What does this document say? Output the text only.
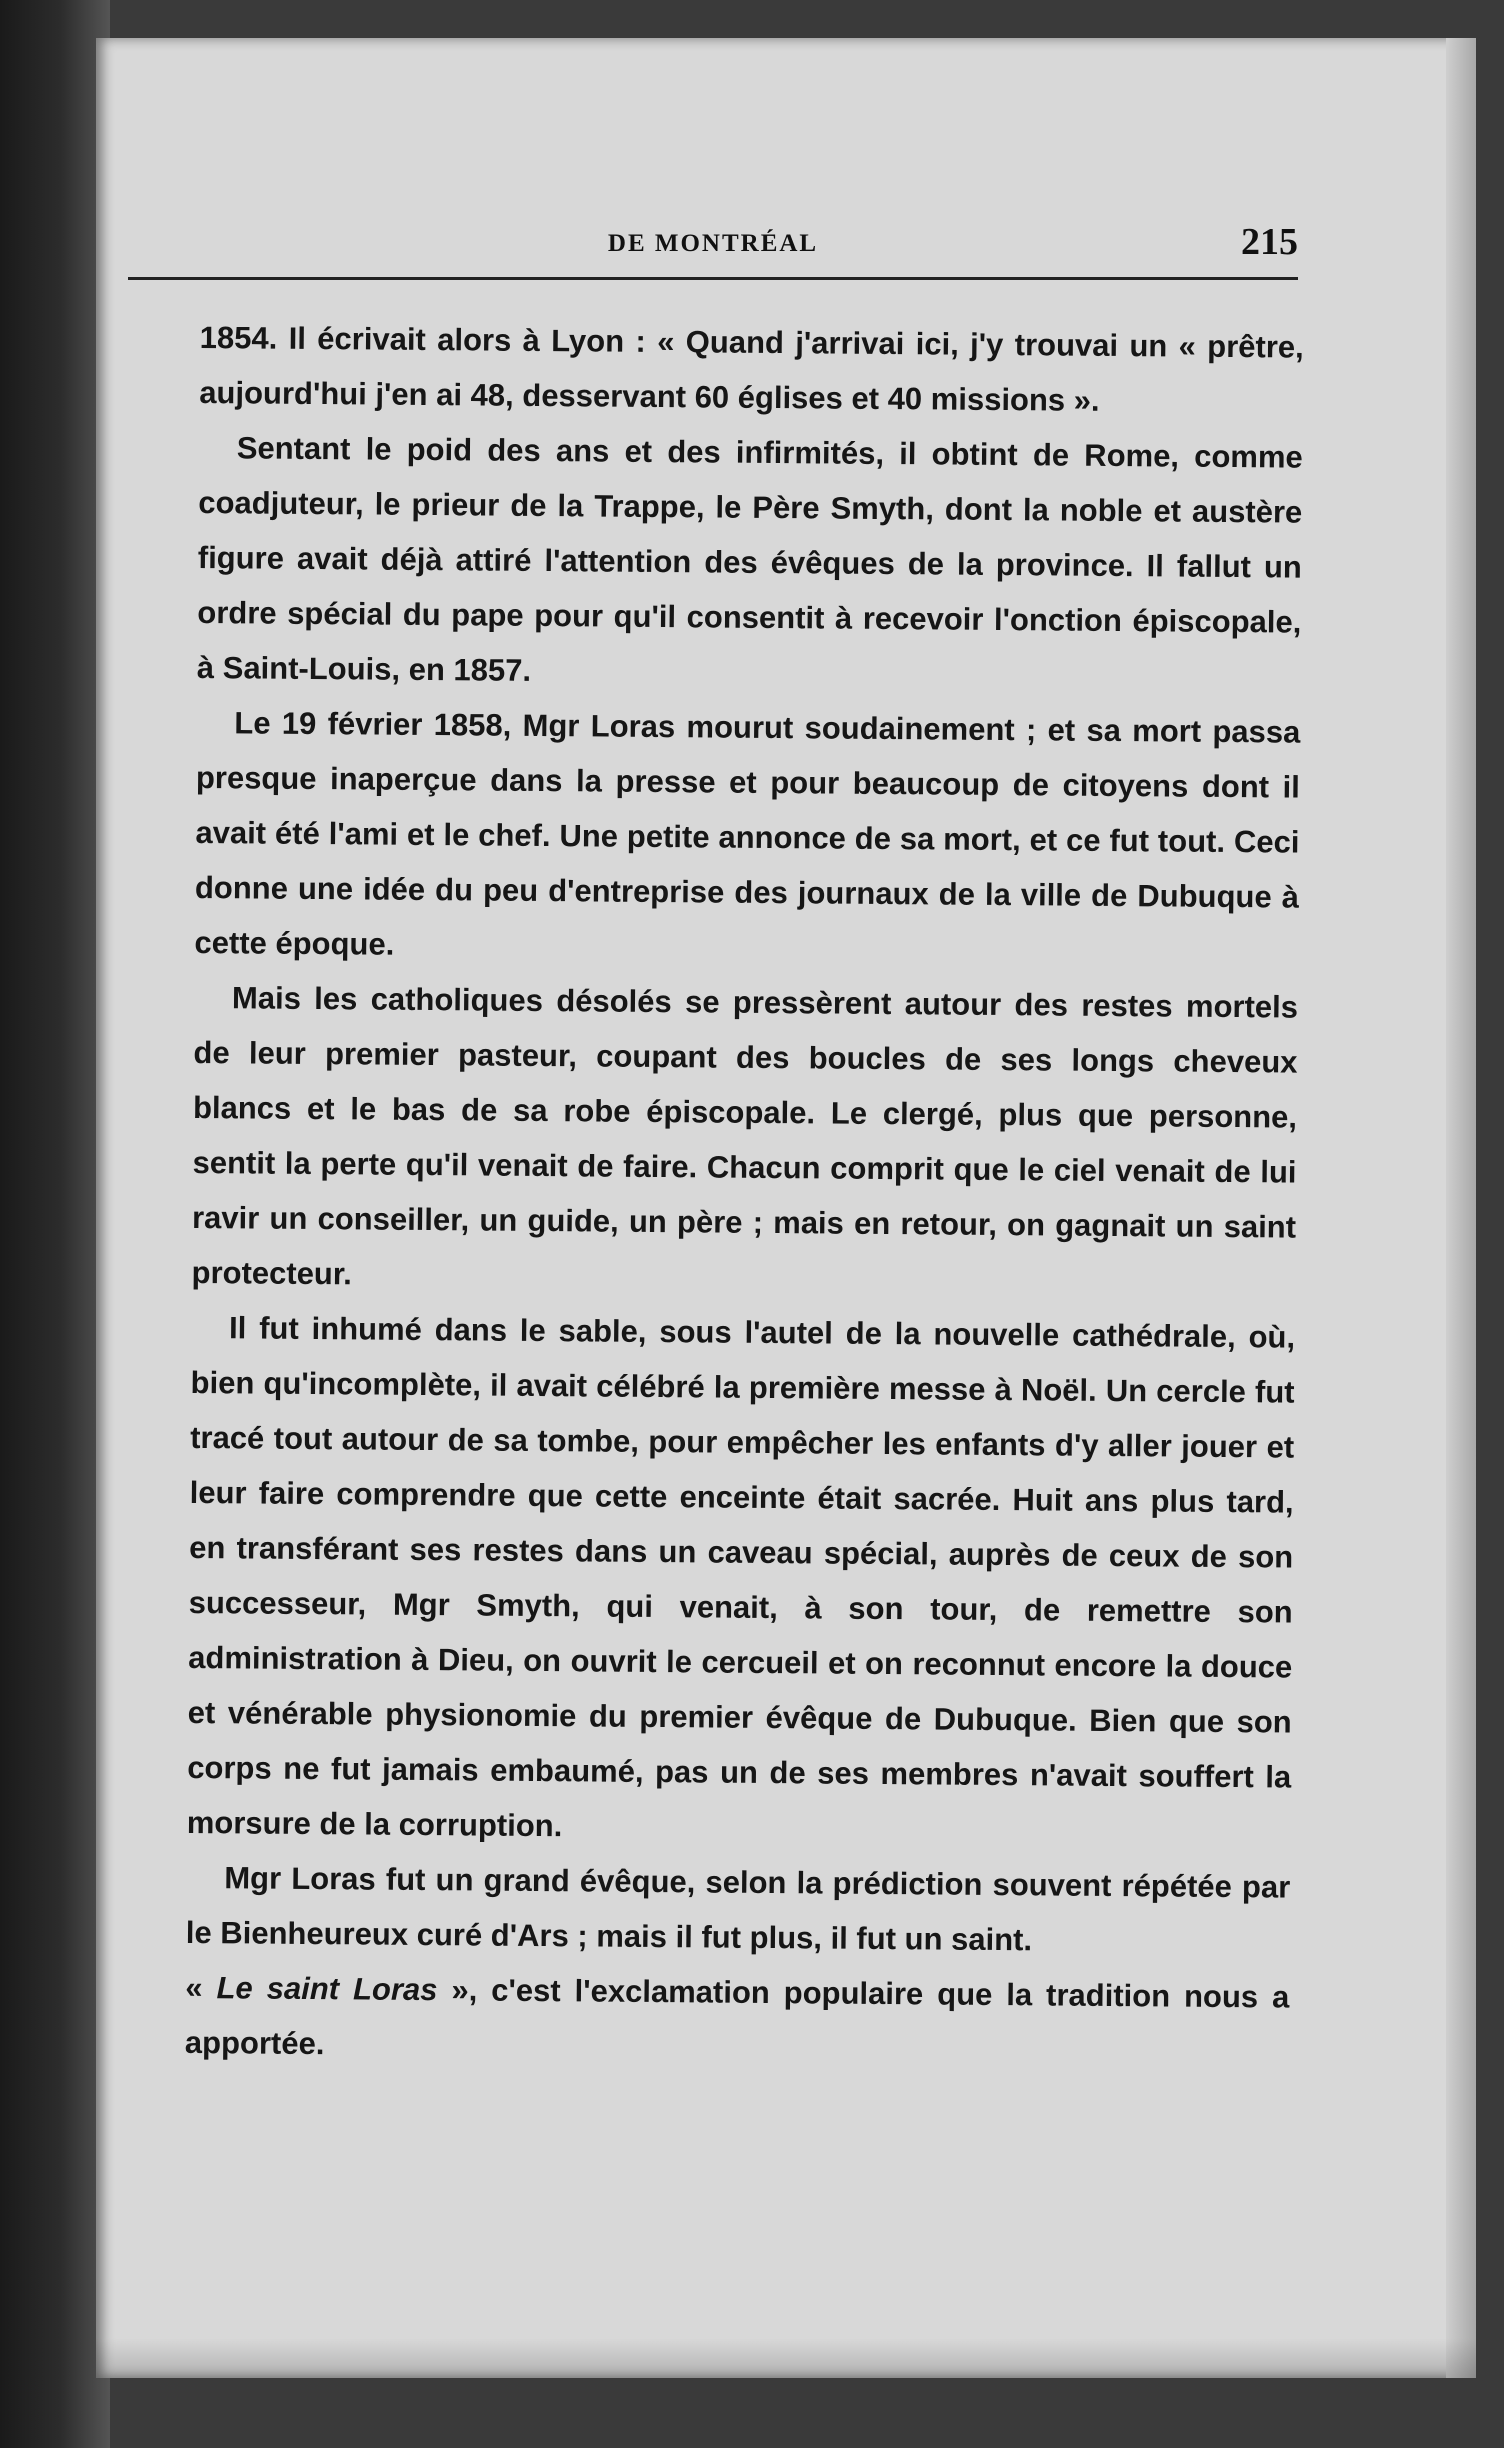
DE MONTRÉAL	215

1854. Il écrivait alors à Lyon : « Quand j'arrivai ici, j'y trouvai un « prêtre, aujourd'hui j'en ai 48, desservant 60 églises et 40 missions ».

Sentant le poid des ans et des infirmités, il obtint de Rome, comme coadjuteur, le prieur de la Trappe, le Père Smyth, dont la noble et austère figure avait déjà attiré l'attention des évêques de la province. Il fallut un ordre spécial du pape pour qu'il consentit à recevoir l'onction épiscopale, à Saint-Louis, en 1857.

Le 19 février 1858, Mgr Loras mourut soudainement ; et sa mort passa presque inaperçue dans la presse et pour beaucoup de citoyens dont il avait été l'ami et le chef. Une petite annonce de sa mort, et ce fut tout. Ceci donne une idée du peu d'entreprise des journaux de la ville de Dubuque à cette époque.

Mais les catholiques désolés se pressèrent autour des restes mortels de leur premier pasteur, coupant des boucles de ses longs cheveux blancs et le bas de sa robe épiscopale. Le clergé, plus que personne, sentit la perte qu'il venait de faire. Chacun comprit que le ciel venait de lui ravir un conseiller, un guide, un père ; mais en retour, on gagnait un saint protecteur.

Il fut inhumé dans le sable, sous l'autel de la nouvelle cathédrale, où, bien qu'incomplète, il avait célébré la première messe à Noël. Un cercle fut tracé tout autour de sa tombe, pour empêcher les enfants d'y aller jouer et leur faire comprendre que cette enceinte était sacrée. Huit ans plus tard, en transférant ses restes dans un caveau spécial, auprès de ceux de son successeur, Mgr Smyth, qui venait, à son tour, de remettre son administration à Dieu, on ouvrit le cercueil et on reconnut encore la douce et vénérable physionomie du premier évêque de Dubuque. Bien que son corps ne fut jamais embaumé, pas un de ses membres n'avait souffert la morsure de la corruption.

Mgr Loras fut un grand évêque, selon la prédiction souvent répétée par le Bienheureux curé d'Ars ; mais il fut plus, il fut un saint.

« Le saint Loras », c'est l'exclamation populaire que la tradition nous a apportée.
